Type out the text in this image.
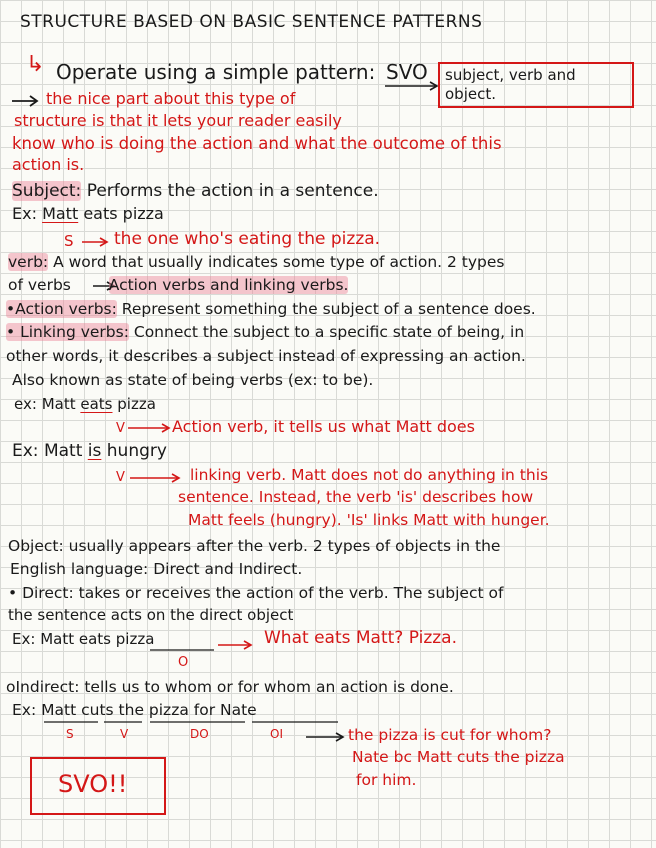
STRUCTURE BASED ON BASIC SENTENCE PATTERNS
↳ Operate using a simple pattern: SVO subject, verb and object.
the nice part about this type of
structure is that it lets your reader easily
know who is doing the action and what the outcome of this
action is.
Subject: Performs the action in a sentence.
Ex: Matt eats pizza
S the one who's eating the pizza.
verb: A word that usually indicates some type of action. 2 types
of verbs Action verbs and linking verbs.
•Action verbs: Represent something the subject of a sentence does.
• Linking verbs: Connect the subject to a specific state of being, in
other words, it describes a subject instead of expressing an action.
Also known as state of being verbs (ex: to be).
ex: Matt eats pizza
V	Action verb, it tells us what Matt does
Ex: Matt is hungry
V	linking verb. Matt does not do anything in this
sentence. Instead, the verb 'is' describes how
Matt feels (hungry). 'Is' links Matt with hunger.
Object: usually appears after the verb. 2 types of objects in the
English language: Direct and Indirect.
• Direct: takes or receives the action of the verb. The subject of
the sentence acts on the direct object
Ex: Matt eats pizza
O
What eats Matt? Pizza.
oIndirect: tells us to whom or for whom an action is done.
Ex: Matt cuts the pizza for Nate
S	V	DO	OI	the pizza is cut for whom?
Nate bc Matt cuts the pizza
for him.
SVO!!
